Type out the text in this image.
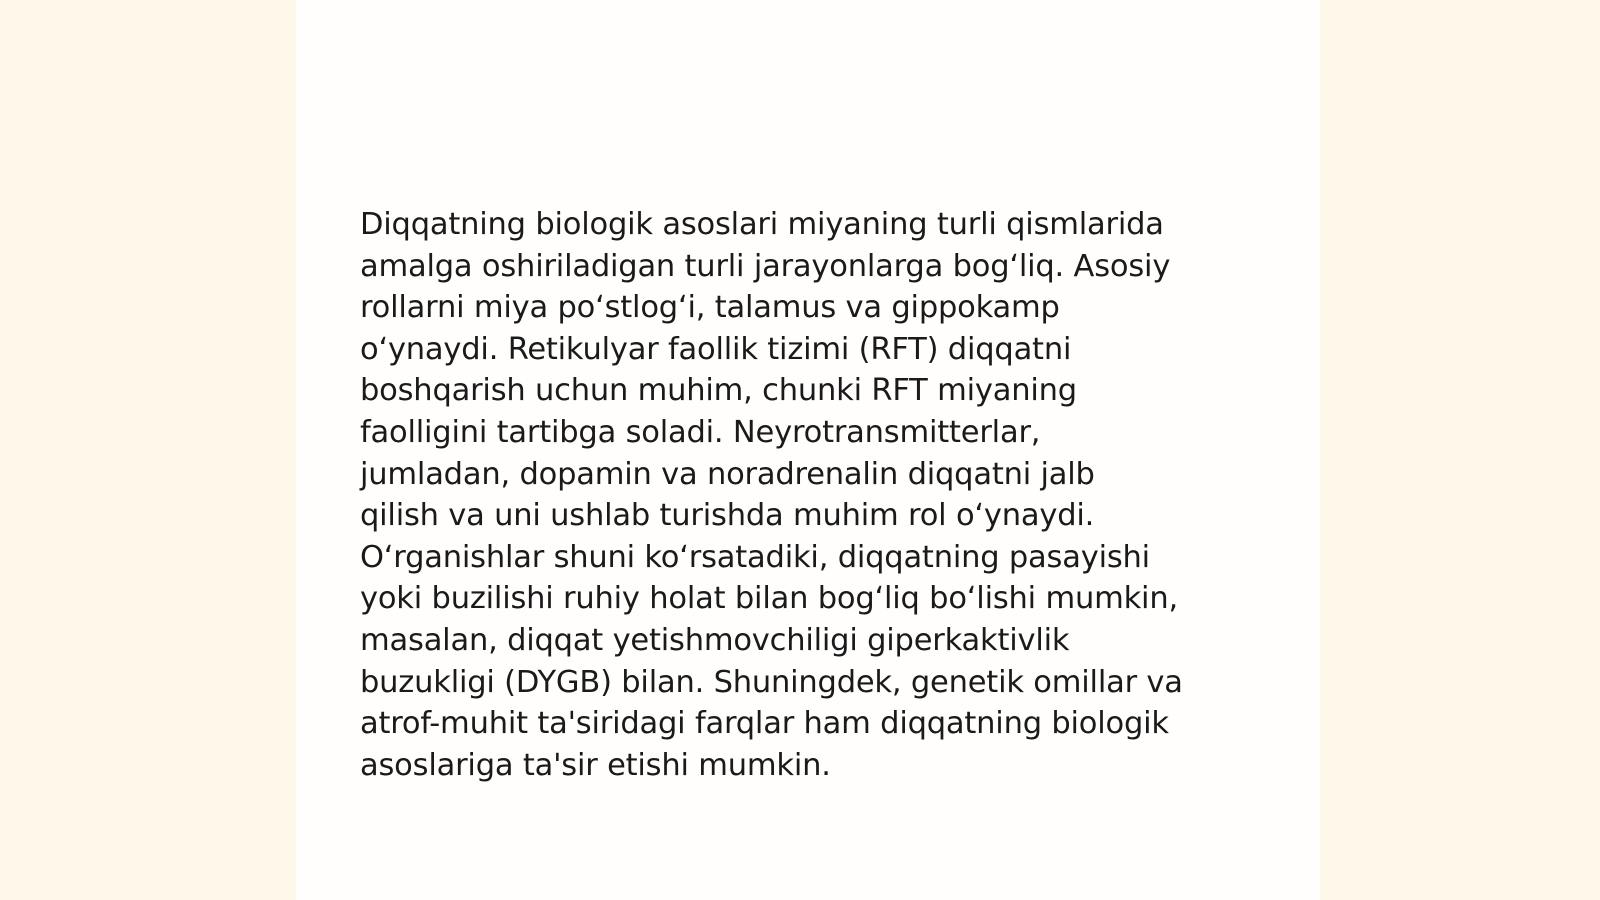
Diqqatning biologik asoslari miyaning turli qismlarida
amalga oshiriladigan turli jarayonlarga bog‘liq. Asosiy
rollarni miya po‘stlog‘i, talamus va gippokamp
o‘ynaydi. Retikulyar faollik tizimi (RFT) diqqatni
boshqarish uchun muhim, chunki RFT miyaning
faolligini tartibga soladi. Neyrotransmitterlar,
jumladan, dopamin va noradrenalin diqqatni jalb
qilish va uni ushlab turishda muhim rol o‘ynaydi.
O‘rganishlar shuni ko‘rsatadiki, diqqatning pasayishi
yoki buzilishi ruhiy holat bilan bog‘liq bo‘lishi mumkin,
masalan, diqqat yetishmovchiligi giperkaktivlik
buzukligi (DYGB) bilan. Shuningdek, genetik omillar va
atrof-muhit ta'siridagi farqlar ham diqqatning biologik
asoslariga ta'sir etishi mumkin.
